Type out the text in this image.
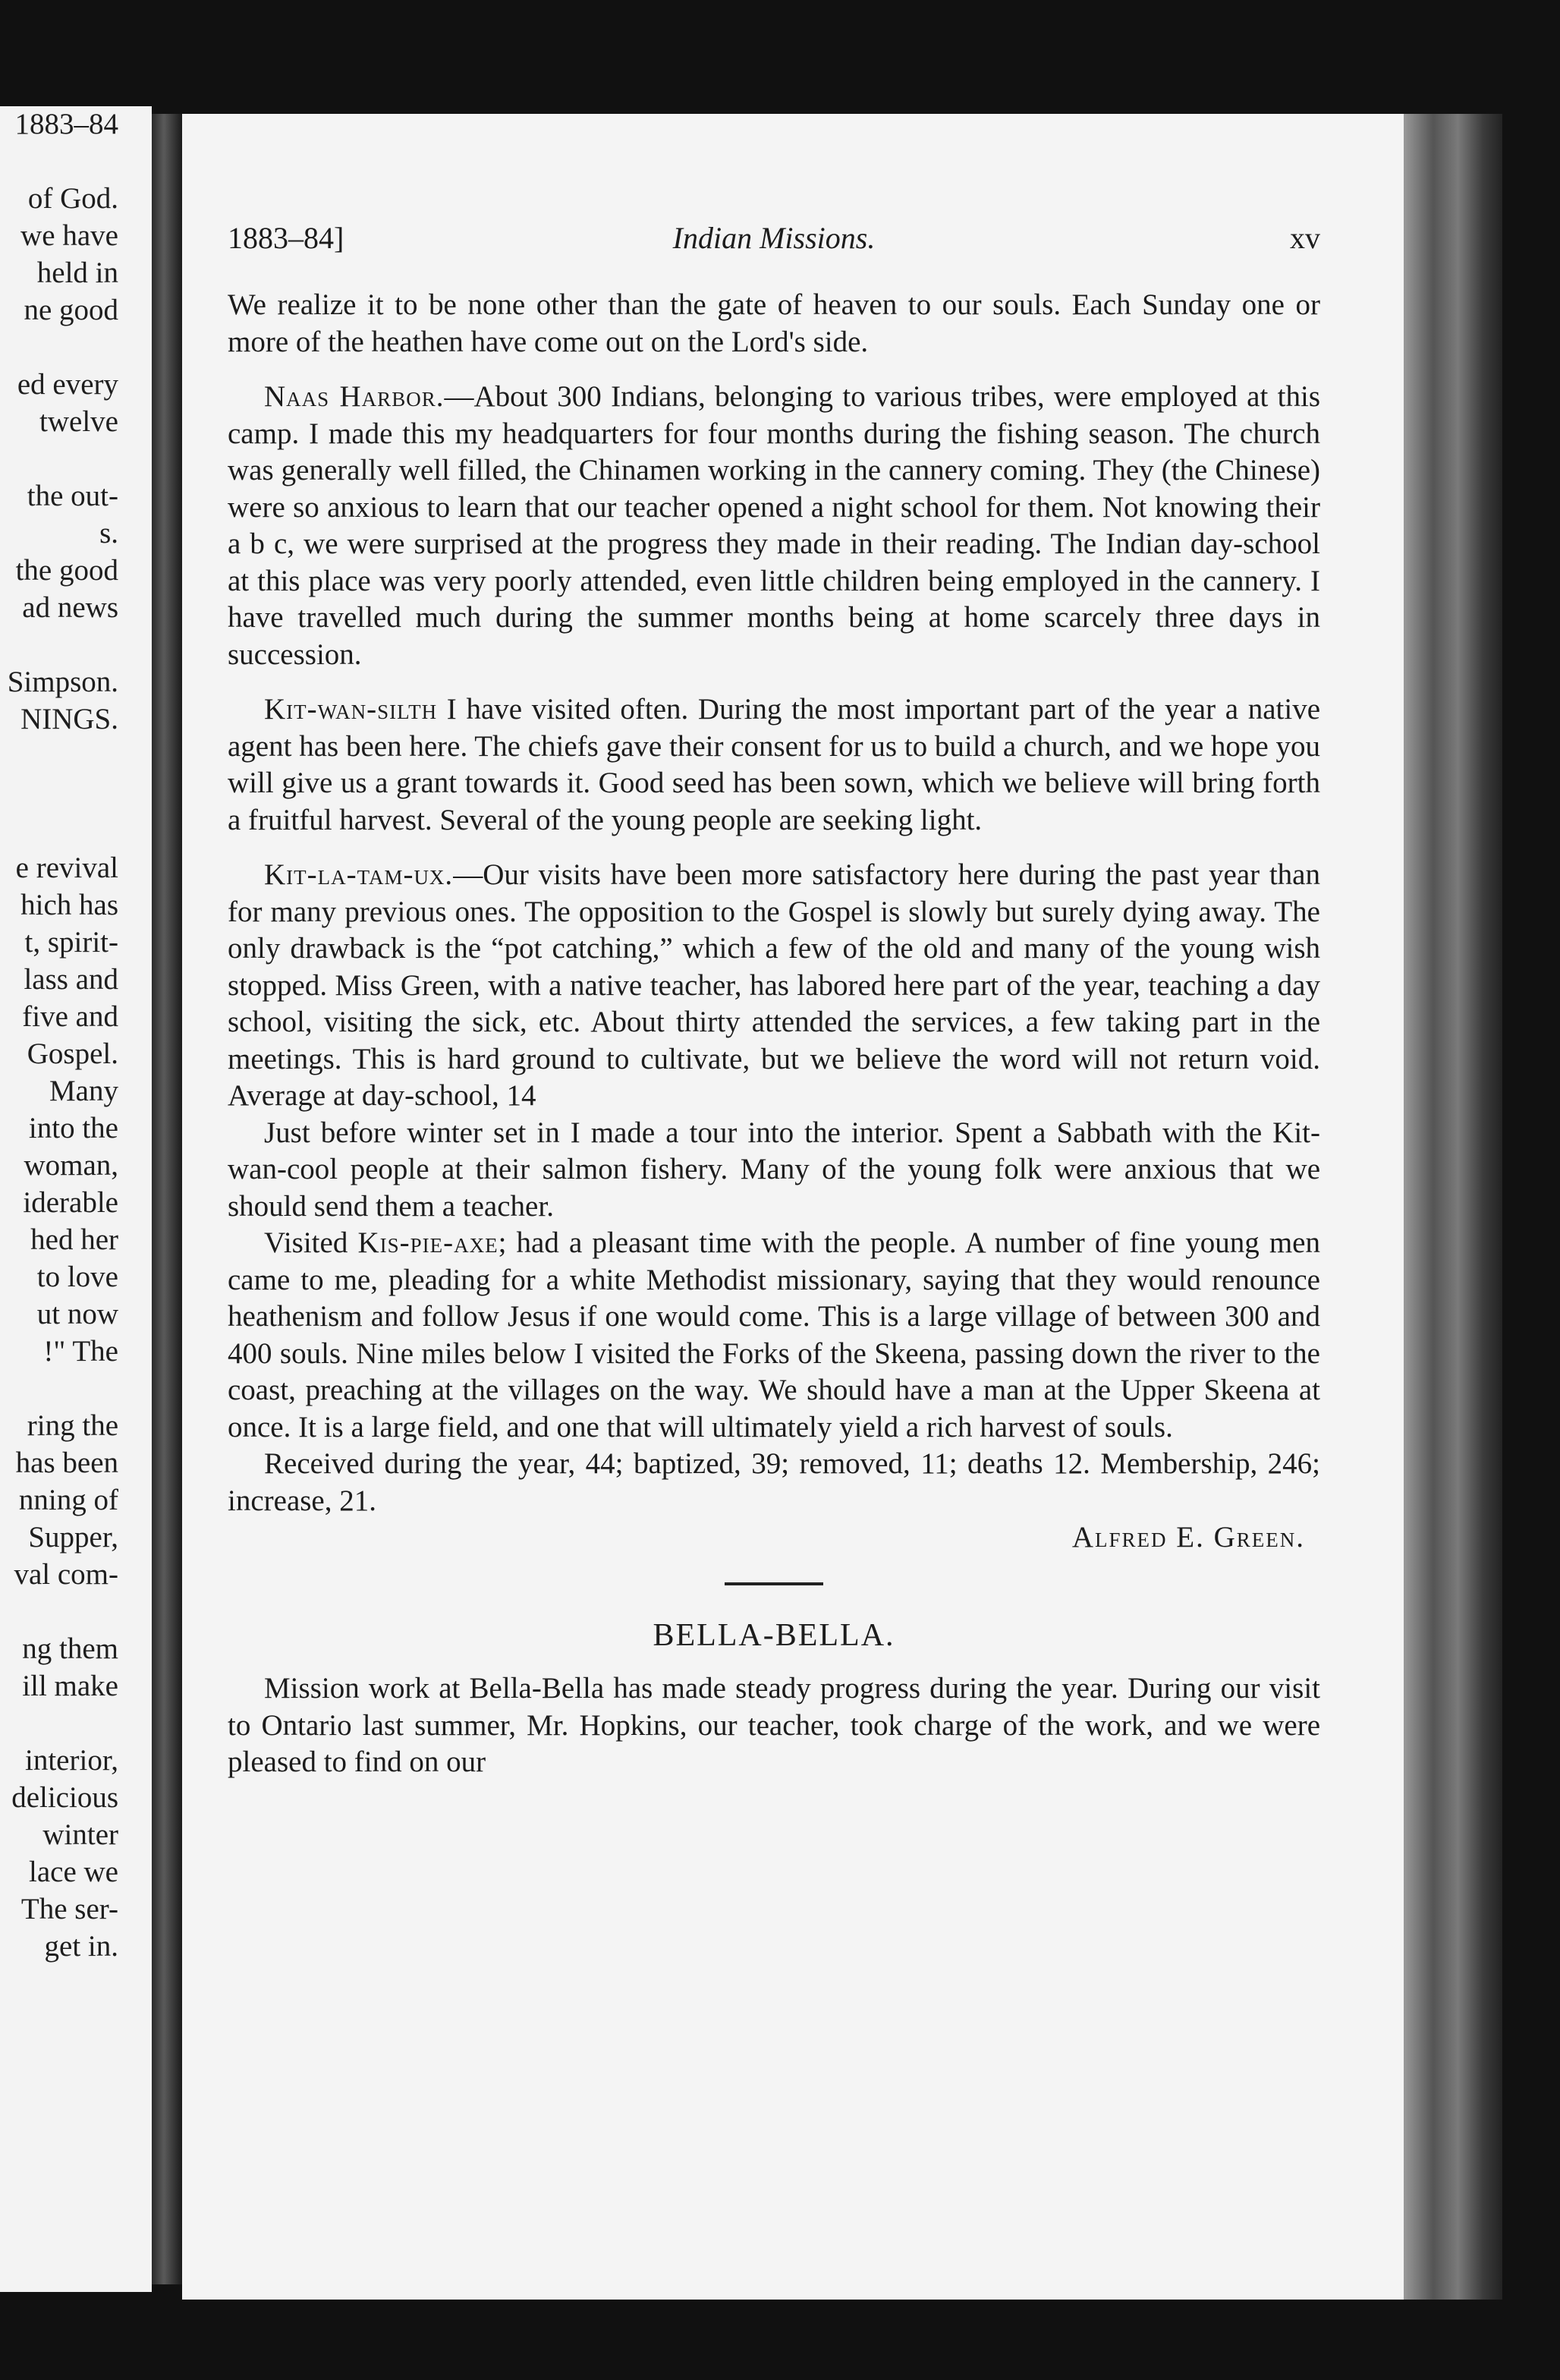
1883–84
of God.
we have
held in
ne good
ed every
twelve
the out-
s.
the good
ad news
Simpson.
NINGS.
e revival
hich has
t, spirit-
lass and
five and
Gospel.
Many
into the
woman,
iderable
hed her
to love
ut now
!" The
ring the
has been
nning of
Supper,
val com-
ng them
ill make
interior,
delicious
winter
lace we
The ser-
get in.
1883–84]	Indian Missions.	xv

We realize it to be none other than the gate of heaven to our souls. Each Sunday one or more of the heathen have come out on the Lord's side.

Naas Harbor.—About 300 Indians, belonging to various tribes, were employed at this camp. I made this my headquarters for four months during the fishing season. The church was generally well filled, the Chinamen working in the cannery coming. They (the Chinese) were so anxious to learn that our teacher opened a night school for them. Not knowing their a b c, we were surprised at the progress they made in their reading. The Indian day-school at this place was very poorly attended, even little children being employed in the cannery. I have travelled much during the summer months being at home scarcely three days in succession.

Kit-wan-silth I have visited often. During the most important part of the year a native agent has been here. The chiefs gave their consent for us to build a church, and we hope you will give us a grant towards it. Good seed has been sown, which we believe will bring forth a fruitful harvest. Several of the young people are seeking light.

Kit-la-tam-ux.—Our visits have been more satisfactory here during the past year than for many previous ones. The opposition to the Gospel is slowly but surely dying away. The only drawback is the “pot catching,” which a few of the old and many of the young wish stopped. Miss Green, with a native teacher, has labored here part of the year, teaching a day school, visiting the sick, etc. About thirty attended the services, a few taking part in the meetings. This is hard ground to cultivate, but we believe the word will not return void. Average at day-school, 14

Just before winter set in I made a tour into the interior. Spent a Sabbath with the Kit-wan-cool people at their salmon fishery. Many of the young folk were anxious that we should send them a teacher.

Visited Kis-pie-axe; had a pleasant time with the people. A number of fine young men came to me, pleading for a white Methodist missionary, saying that they would renounce heathenism and follow Jesus if one would come. This is a large village of between 300 and 400 souls. Nine miles below I visited the Forks of the Skeena, passing down the river to the coast, preaching at the villages on the way. We should have a man at the Upper Skeena at once. It is a large field, and one that will ultimately yield a rich harvest of souls.

Received during the year, 44; baptized, 39; removed, 11; deaths 12. Membership, 246; increase, 21.

Alfred E. Green.

BELLA-BELLA.

Mission work at Bella-Bella has made steady progress during the year. During our visit to Ontario last summer, Mr. Hopkins, our teacher, took charge of the work, and we were pleased to find on our
